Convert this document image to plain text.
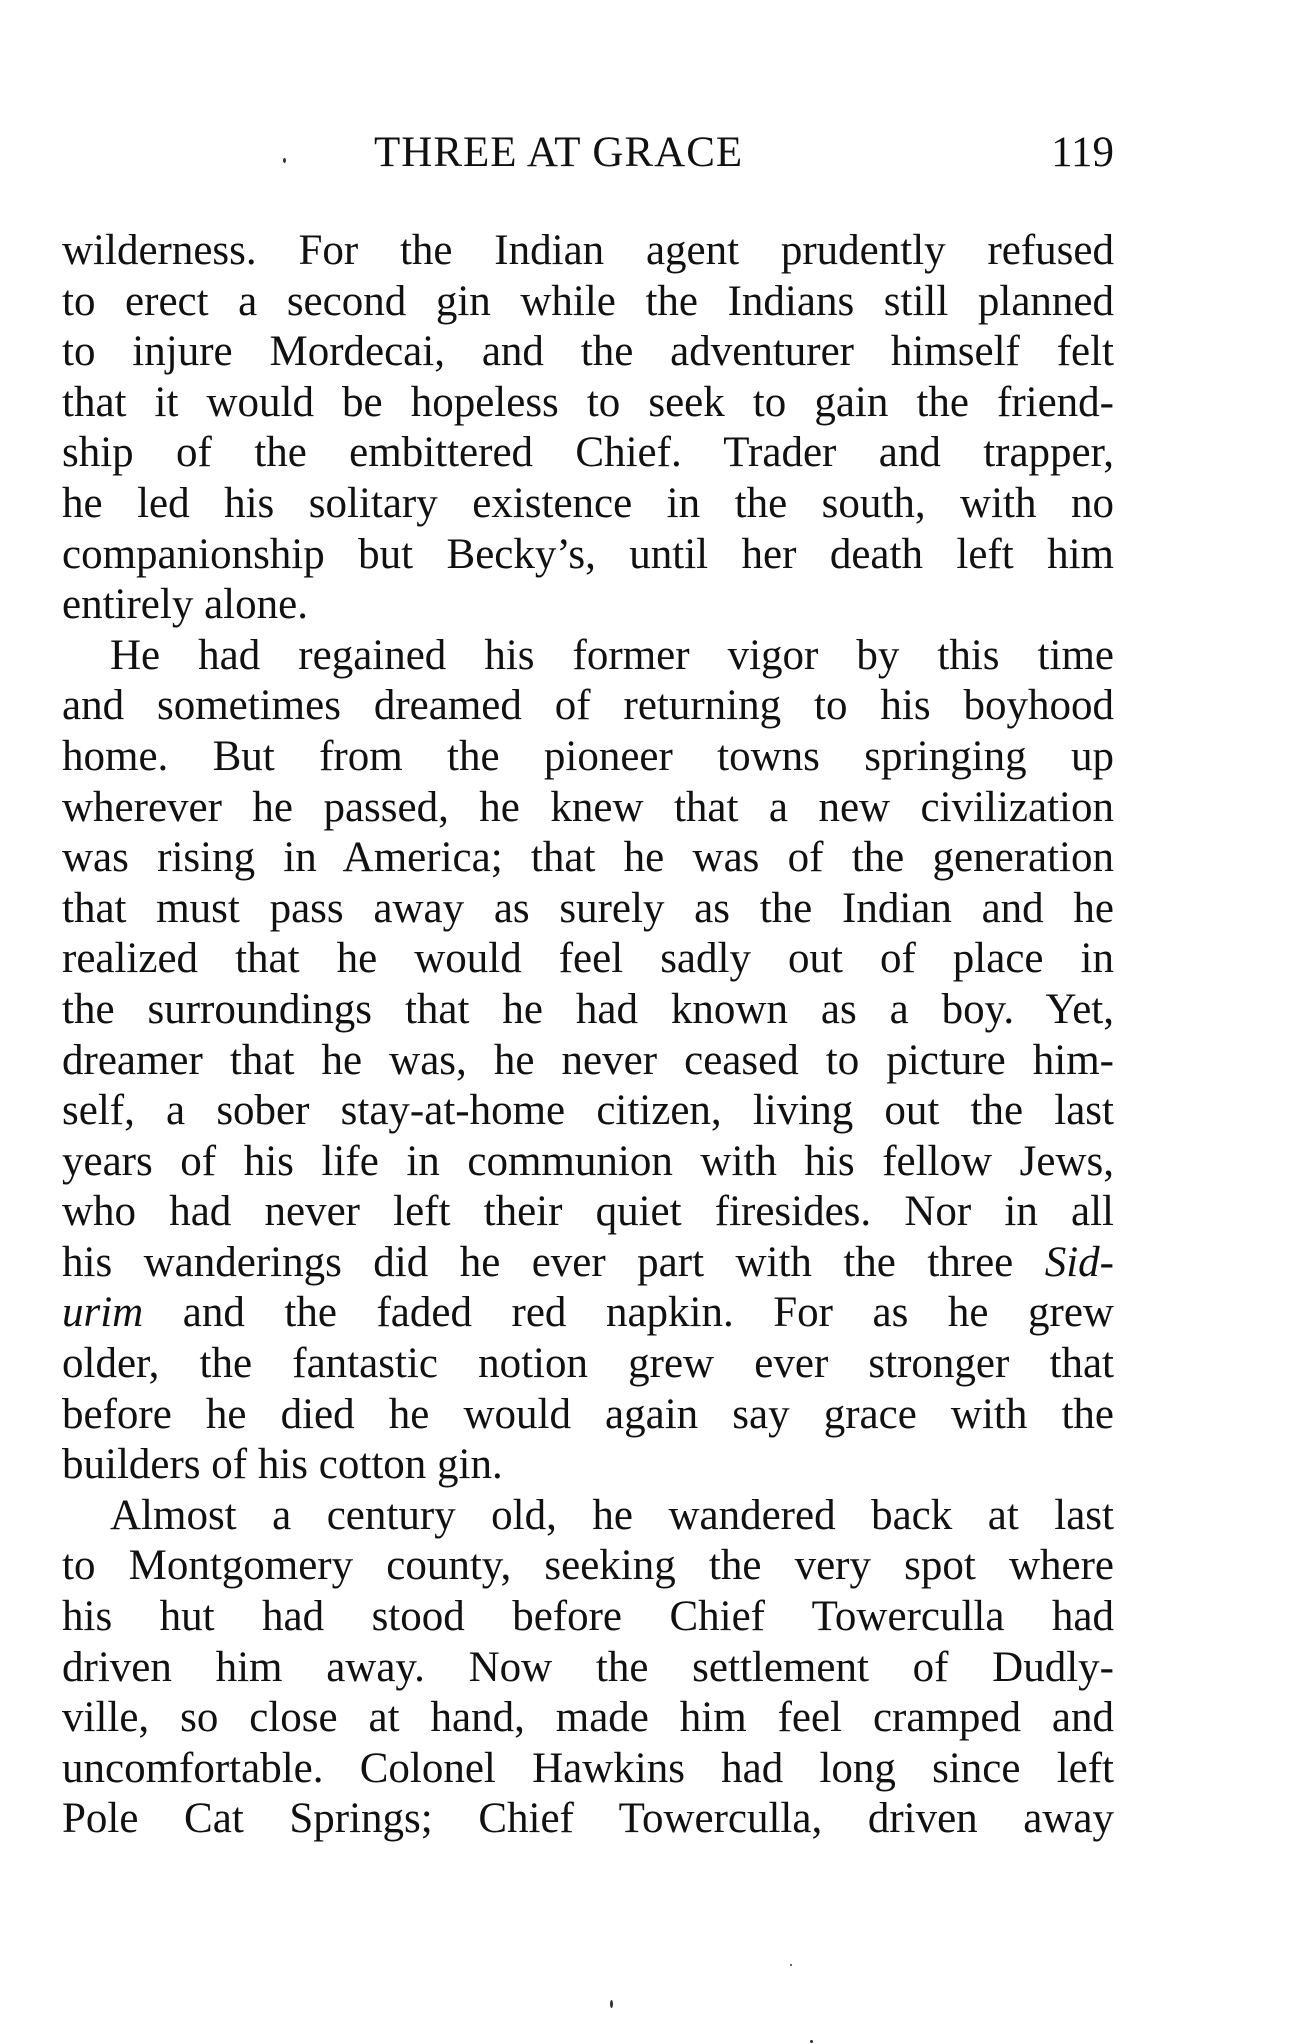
THREE AT GRACE	119
wilderness. For the Indian agent prudently refused
to erect a second gin while the Indians still planned
to injure Mordecai, and the adventurer himself felt
that it would be hopeless to seek to gain the friend-
ship of the embittered Chief. Trader and trapper,
he led his solitary existence in the south, with no
companionship but Becky’s, until her death left him
entirely alone.
He had regained his former vigor by this time
and sometimes dreamed of returning to his boyhood
home. But from the pioneer towns springing up
wherever he passed, he knew that a new civilization
was rising in America; that he was of the generation
that must pass away as surely as the Indian and he
realized that he would feel sadly out of place in
the surroundings that he had known as a boy. Yet,
dreamer that he was, he never ceased to picture him-
self, a sober stay-at-home citizen, living out the last
years of his life in communion with his fellow Jews,
who had never left their quiet firesides. Nor in all
his wanderings did he ever part with the three Sid-
urim and the faded red napkin. For as he grew
older, the fantastic notion grew ever stronger that
before he died he would again say grace with the
builders of his cotton gin.
Almost a century old, he wandered back at last
to Montgomery county, seeking the very spot where
his hut had stood before Chief Towerculla had
driven him away. Now the settlement of Dudly-
ville, so close at hand, made him feel cramped and
uncomfortable. Colonel Hawkins had long since left
Pole Cat Springs; Chief Towerculla, driven away
